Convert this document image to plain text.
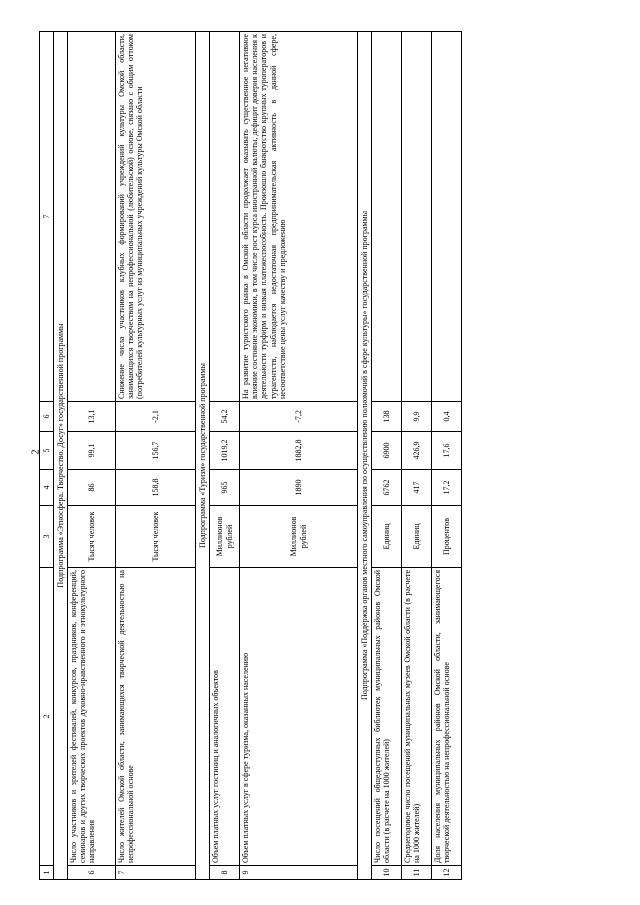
2
1	2	3	4	5	6	7
Подпрограмма «Этносфера. Творчество. Досуг» государственной программы						
6	Число участников и зрителей фестивалей, конкурсов, праздников, конференций, семинаров и других творческих проектов духовно-нравственного и этнокультурного направления	Тысяч человек	86	99,1	13,1	
7	Число жителей Омской области, занимающихся творческой деятельностью на непрофессиональной основе	Тысяч человек	158,8	156,7	-2,1	Снижение числа участников клубных формирований учреждений культуры Омской области, занимающихся творчеством на непрофессиональной (любительской) основе, связано с общим оттоком (потребителей культурных услуг из муниципальных учреждений культуры Омской области
Подпрограмма «Туризм» государственной программы						
8	Объем платных услуг гостиниц и аналогичных объектов	Миллионов рублей	965	1019,2	54,2	
9	Объем платных услуг в сфере туризма, оказанных населению	Миллионов рублей	1890	1882,8	-7,2	На развитие туристского рынка в Омской области продолжает оказывать существенное негативное влияние состояние экономики, в том числе рост курса иностранной валюты, дефицит доверия населения к деятельности турфирм и низкая платежеспособность. Произошло банкротство крупных туроператоров и турагентств, наблюдается недостаточная предпринимательская активность в данной сфере, несоответствие цены услуг качеству и предложению
Подпрограмма «Поддержка органов местного самоуправления по осуществлению полномочий в сфере культуры» государственной программы						
10	Число посещений общедоступных библиотек муниципальных районов Омской области (в расчете на 1000 жителей)	Единиц	6762	6900	138	
11	Среднегодовое число посещений муниципальных музеев Омской области (в расчете на 1000 жителей)	Единиц	417	426,9	9,9	
12	Доля населения муниципальных районов Омской области, занимающегося творческой деятельностью на непрофессиональной основе	Процентов	17,2	17,6	0,4	
